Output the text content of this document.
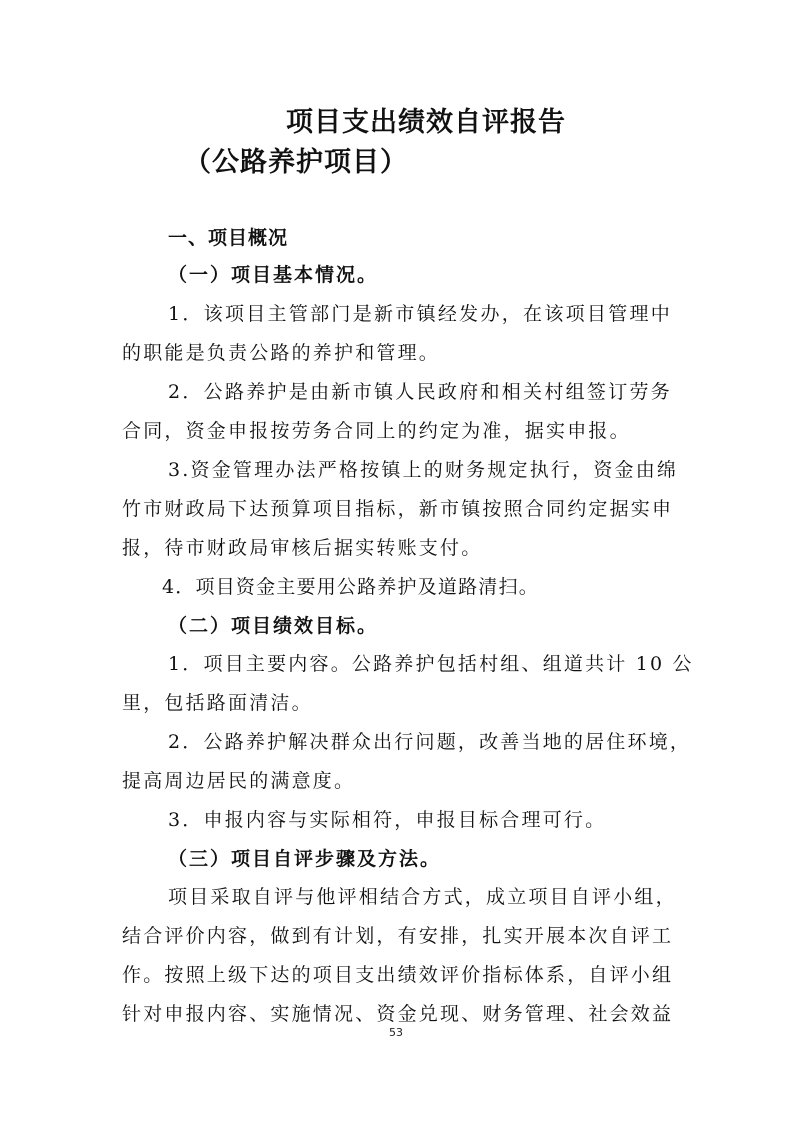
项目支出绩效自评报告
（公路养护项目）
一、项目概况
（一）项目基本情况。
1．该项目主管部门是新市镇经发办，在该项目管理中
的职能是负责公路的养护和管理。
2．公路养护是由新市镇人民政府和相关村组签订劳务
合同，资金申报按劳务合同上的约定为准，据实申报。
3.资金管理办法严格按镇上的财务规定执行，资金由绵
竹市财政局下达预算项目指标，新市镇按照合同约定据实申
报，待市财政局审核后据实转账支付。
4．项目资金主要用公路养护及道路清扫。
（二）项目绩效目标。
1．项目主要内容。公路养护包括村组、组道共计 10 公
里，包括路面清洁。
2．公路养护解决群众出行问题，改善当地的居住环境，
提高周边居民的满意度。
3．申报内容与实际相符，申报目标合理可行。
（三）项目自评步骤及方法。
项目采取自评与他评相结合方式，成立项目自评小组，
结合评价内容，做到有计划，有安排，扎实开展本次自评工
作。按照上级下达的项目支出绩效评价指标体系，自评小组
针对申报内容、实施情况、资金兑现、财务管理、社会效益
53
